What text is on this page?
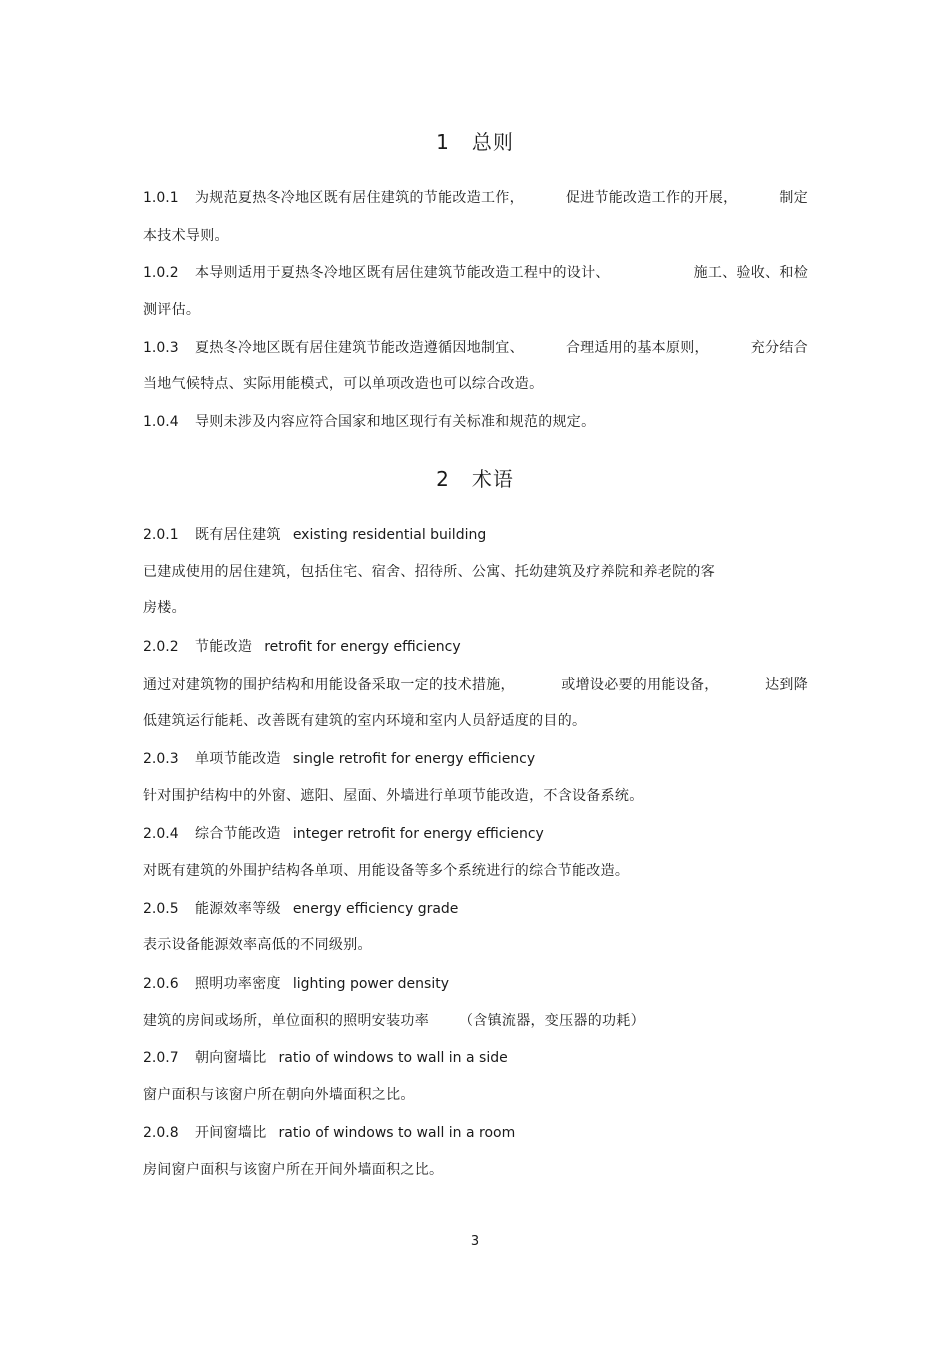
1 总则
1.0.1 为规范夏热冬冷地区既有居住建筑的节能改造工作，	促进节能改造工作的开展，	制定
本技术导则。
1.0.2 本导则适用于夏热冬冷地区既有居住建筑节能改造工程中的设计、	施工、验收、和检
测评估。
1.0.3 夏热冬冷地区既有居住建筑节能改造遵循因地制宜、	合理适用的基本原则，	充分结合
当地气候特点、实际用能模式，可以单项改造也可以综合改造。
1.0.4 导则未涉及内容应符合国家和地区现行有关标准和规范的规定。
2 术语
2.0.1 既有居住建筑 existing residential building
已建成使用的居住建筑，包括住宅、宿舍、招待所、公寓、托幼建筑及疗养院和养老院的客
房楼。
2.0.2 节能改造 retrofit for energy efficiency
通过对建筑物的围护结构和用能设备采取一定的技术措施，	或增设必要的用能设备，	达到降
低建筑运行能耗、改善既有建筑的室内环境和室内人员舒适度的目的。
2.0.3 单项节能改造 single retrofit for energy efficiency
针对围护结构中的外窗、遮阳、屋面、外墙进行单项节能改造，不含设备系统。
2.0.4 综合节能改造 integer retrofit for energy efficiency
对既有建筑的外围护结构各单项、用能设备等多个系统进行的综合节能改造。
2.0.5 能源效率等级 energy efficiency grade
表示设备能源效率高低的不同级别。
2.0.6 照明功率密度 lighting power density
建筑的房间或场所，单位面积的照明安装功率 （含镇流器，变压器的功耗）
2.0.7 朝向窗墙比 ratio of windows to wall in a side
窗户面积与该窗户所在朝向外墙面积之比。
2.0.8 开间窗墙比 ratio of windows to wall in a room
房间窗户面积与该窗户所在开间外墙面积之比。
3
